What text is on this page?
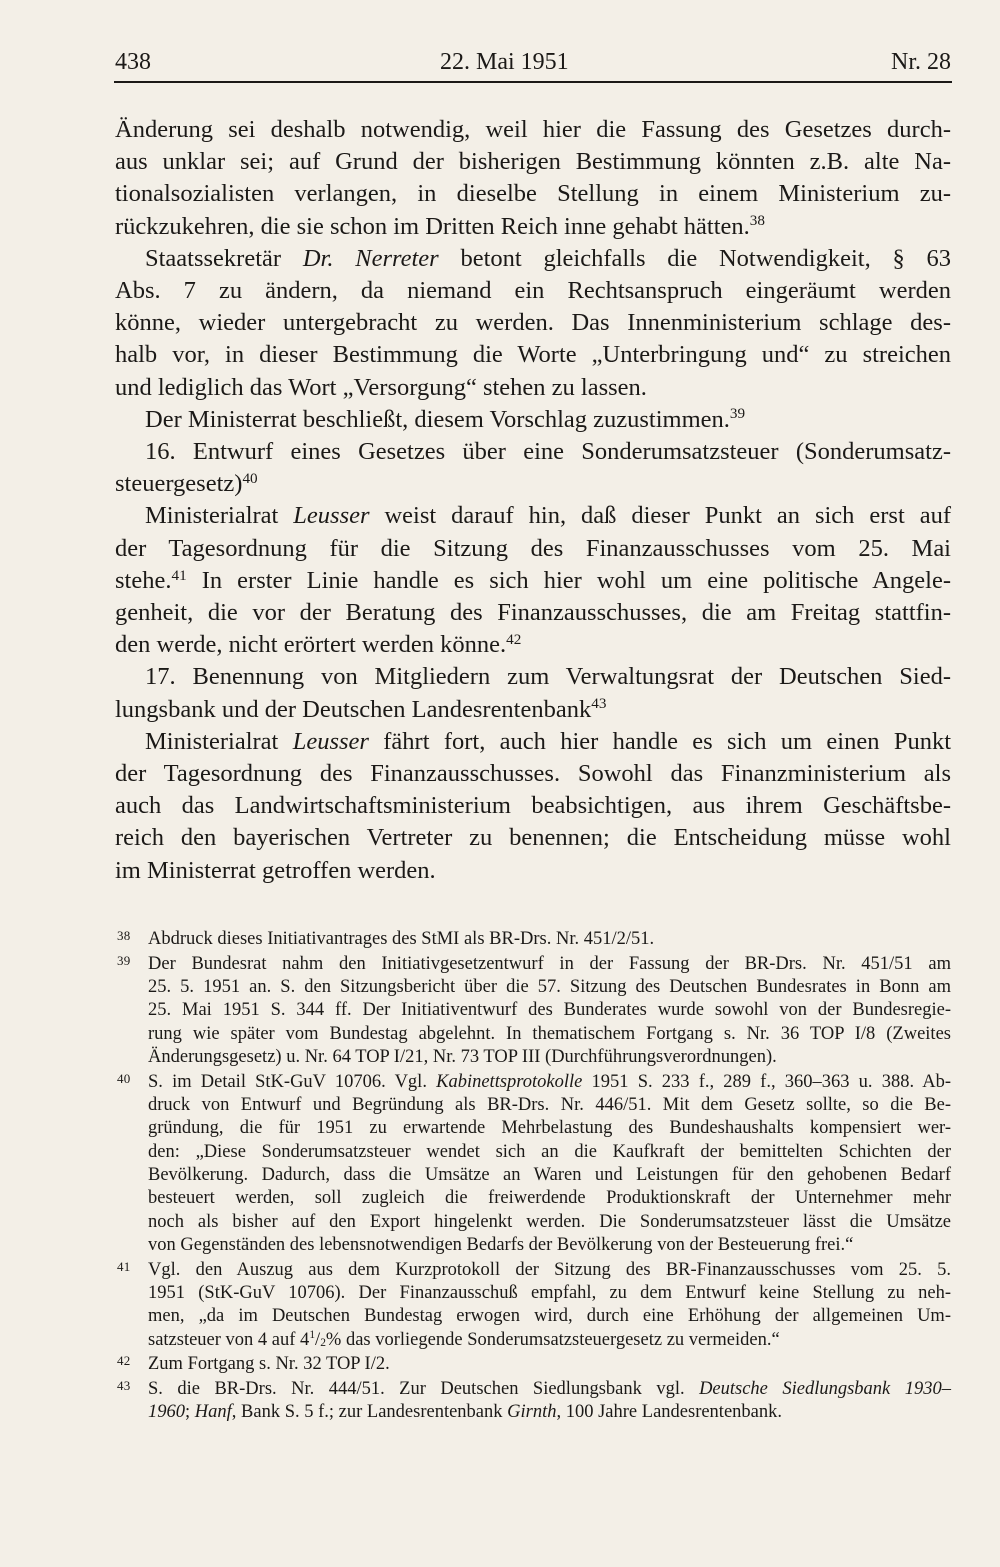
438	22. Mai 1951	Nr. 28
Änderung sei deshalb notwendig, weil hier die Fassung des Gesetzes durch-
aus unklar sei; auf Grund der bisherigen Bestimmung könnten z.B. alte Na-
tionalsozialisten verlangen, in dieselbe Stellung in einem Ministerium zu-
rückzukehren, die sie schon im Dritten Reich inne gehabt hätten.$^{38}$
Staatssekretär Dr. Nerreter betont gleichfalls die Notwendigkeit, § 63
Abs. 7 zu ändern, da niemand ein Rechtsanspruch eingeräumt werden
könne, wieder untergebracht zu werden. Das Innenministerium schlage des-
halb vor, in dieser Bestimmung die Worte „Unterbringung und“ zu streichen
und lediglich das Wort „Versorgung“ stehen zu lassen.
Der Ministerrat beschließt, diesem Vorschlag zuzustimmen.$^{39}$
16. Entwurf eines Gesetzes über eine Sonderumsatzsteuer (Sonderumsatz-
steuergesetz)$^{40}$
Ministerialrat Leusser weist darauf hin, daß dieser Punkt an sich erst auf
der Tagesordnung für die Sitzung des Finanzausschusses vom 25. Mai
stehe.$^{41}$ In erster Linie handle es sich hier wohl um eine politische Angele-
genheit, die vor der Beratung des Finanzausschusses, die am Freitag stattfin-
den werde, nicht erörtert werden könne.$^{42}$
17. Benennung von Mitgliedern zum Verwaltungsrat der Deutschen Sied-
lungsbank und der Deutschen Landesrentenbank$^{43}$
Ministerialrat Leusser fährt fort, auch hier handle es sich um einen Punkt
der Tagesordnung des Finanzausschusses. Sowohl das Finanzministerium als
auch das Landwirtschaftsministerium beabsichtigen, aus ihrem Geschäftsbe-
reich den bayerischen Vertreter zu benennen; die Entscheidung müsse wohl
im Ministerrat getroffen werden.
38 Abdruck dieses Initiativantrages des StMI als BR-Drs. Nr. 451/2/51.
39 Der Bundesrat nahm den Initiativgesetzentwurf in der Fassung der BR-Drs. Nr. 451/51 am
25. 5. 1951 an. S. den Sitzungsbericht über die 57. Sitzung des Deutschen Bundesrates in Bonn am
25. Mai 1951 S. 344 ff. Der Initiativentwurf des Bunderates wurde sowohl von der Bundesregie-
rung wie später vom Bundestag abgelehnt. In thematischem Fortgang s. Nr. 36 TOP I/8 (Zweites
Änderungsgesetz) u. Nr. 64 TOP I/21, Nr. 73 TOP III (Durchführungsverordnungen).
40 S. im Detail StK-GuV 10706. Vgl. Kabinettsprotokolle 1951 S. 233 f., 289 f., 360–363 u. 388. Ab-
druck von Entwurf und Begründung als BR-Drs. Nr. 446/51. Mit dem Gesetz sollte, so die Be-
gründung, die für 1951 zu erwartende Mehrbelastung des Bundeshaushalts kompensiert wer-
den: „Diese Sonderumsatzsteuer wendet sich an die Kaufkraft der bemittelten Schichten der
Bevölkerung. Dadurch, dass die Umsätze an Waren und Leistungen für den gehobenen Bedarf
besteuert werden, soll zugleich die freiwerdende Produktionskraft der Unternehmer mehr
noch als bisher auf den Export hingelenkt werden. Die Sonderumsatzsteuer lässt die Umsätze
von Gegenständen des lebensnotwendigen Bedarfs der Bevölkerung von der Besteuerung frei.“
41 Vgl. den Auszug aus dem Kurzprotokoll der Sitzung des BR-Finanzausschusses vom 25. 5.
1951 (StK-GuV 10706). Der Finanzausschuß empfahl, zu dem Entwurf keine Stellung zu neh-
men, „da im Deutschen Bundestag erwogen wird, durch eine Erhöhung der allgemeinen Um-
satzsteuer von 4 auf $4^1/2\%$ das vorliegende Sonderumsatzsteuergesetz zu vermeiden.“
42 Zum Fortgang s. Nr. 32 TOP I/2.
43 S. die BR-Drs. Nr. 444/51. Zur Deutschen Siedlungsbank vgl. Deutsche Siedlungsbank 1930–
1960; Hanf, Bank S. 5 f.; zur Landesrentenbank Girnth, 100 Jahre Landesrentenbank.
